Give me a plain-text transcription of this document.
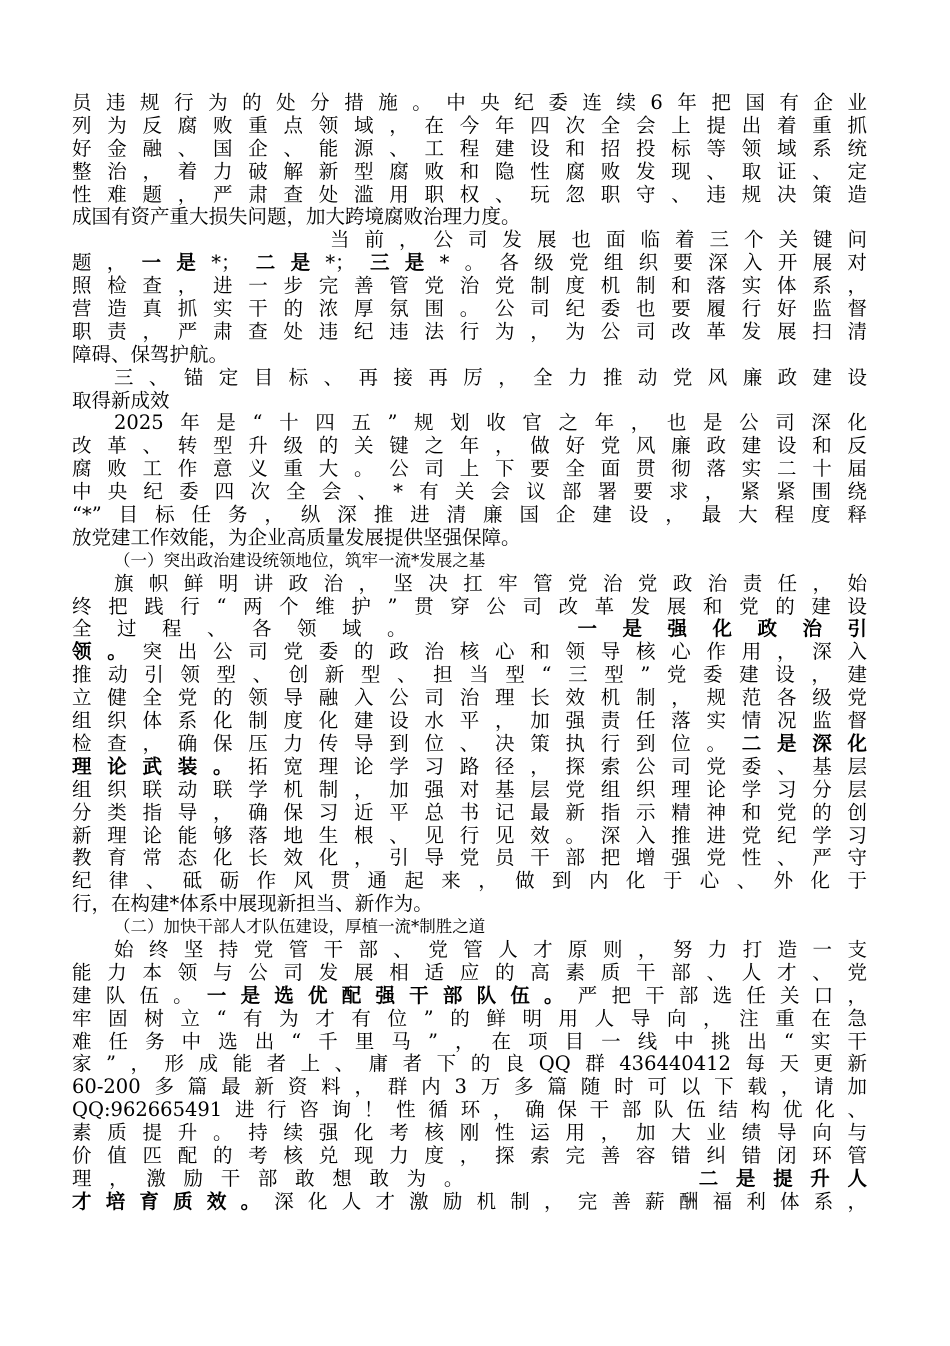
员违规行为的处分措施。中央纪委连续6年把国有企业
列为反腐败重点领域，在今年四次全会上提出着重抓
好金融、国企、能源、工程建设和招投标等领域系统
整治，着力破解新型腐败和隐性腐败发现、取证、定
性难题，严肃查处滥用职权、玩忽职守、违规决策造
成国有资产重大损失问题，加大跨境腐败治理力度。
当前，公司发展也面临着三个关键问
题，一是*；二是*；三是*。各级党组织要深入开展对
照检查，进一步完善管党治党制度机制和落实体系，
营造真抓实干的浓厚氛围。公司纪委也要履行好监督
职责，严肃查处违纪违法行为，为公司改革发展扫清
障碍、保驾护航。
三、锚定目标、再接再厉，全力推动党风廉政建设
取得新成效
2025年是“十四五”规划收官之年，也是公司深化
改革、转型升级的关键之年，做好党风廉政建设和反
腐败工作意义重大。公司上下要全面贯彻落实二十届
中央纪委四次全会、*有关会议部署要求，紧紧围绕
“*”目标任务，纵深推进清廉国企建设，最大程度释
放党建工作效能，为企业高质量发展提供坚强保障。
（一）突出政治建设统领地位，筑牢一流*发展之基
旗帜鲜明讲政治，坚决扛牢管党治党政治责任，始
终把践行“两个维护”贯穿公司改革发展和党的建设
全过程、各领域。	一是强化政治引
领。突出公司党委的政治核心和领导核心作用，深入
推动引领型、创新型、担当型“三型”党委建设，建
立健全党的领导融入公司治理长效机制，规范各级党
组织体系化制度化建设水平，加强责任落实情况监督
检查，确保压力传导到位、决策执行到位。二是深化
理论武装。拓宽理论学习路径，探索公司党委、基层
组织联动联学机制，加强对基层党组织理论学习分层
分类指导，确保习近平总书记最新指示精神和党的创
新理论能够落地生根、见行见效。深入推进党纪学习
教育常态化长效化，引导党员干部把增强党性、严守
纪律、砥砺作风贯通起来，做到内化于心、外化于
行，在构建*体系中展现新担当、新作为。
（二）加快干部人才队伍建设，厚植一流*制胜之道
始终坚持党管干部、党管人才原则，努力打造一支
能力本领与公司发展相适应的高素质干部、人才、党
建队伍。一是选优配强干部队伍。严把干部选任关口，
牢固树立“有为才有位”的鲜明用人导向，注重在急
难任务中选出“千里马”，在项目一线中挑出“实干
家”，形成能者上、庸者下的良QQ群436440412每天更新
60-200多篇最新资料，群内3万多篇随时可以下载，请加
QQ:962665491进行咨询！性循环，确保干部队伍结构优化、
素质提升。持续强化考核刚性运用，加大业绩导向与
价值匹配的考核兑现力度，探索完善容错纠错闭环管
理，激励干部敢想敢为。	二是提升人
才培育质效。深化人才激励机制，完善薪酬福利体系，
